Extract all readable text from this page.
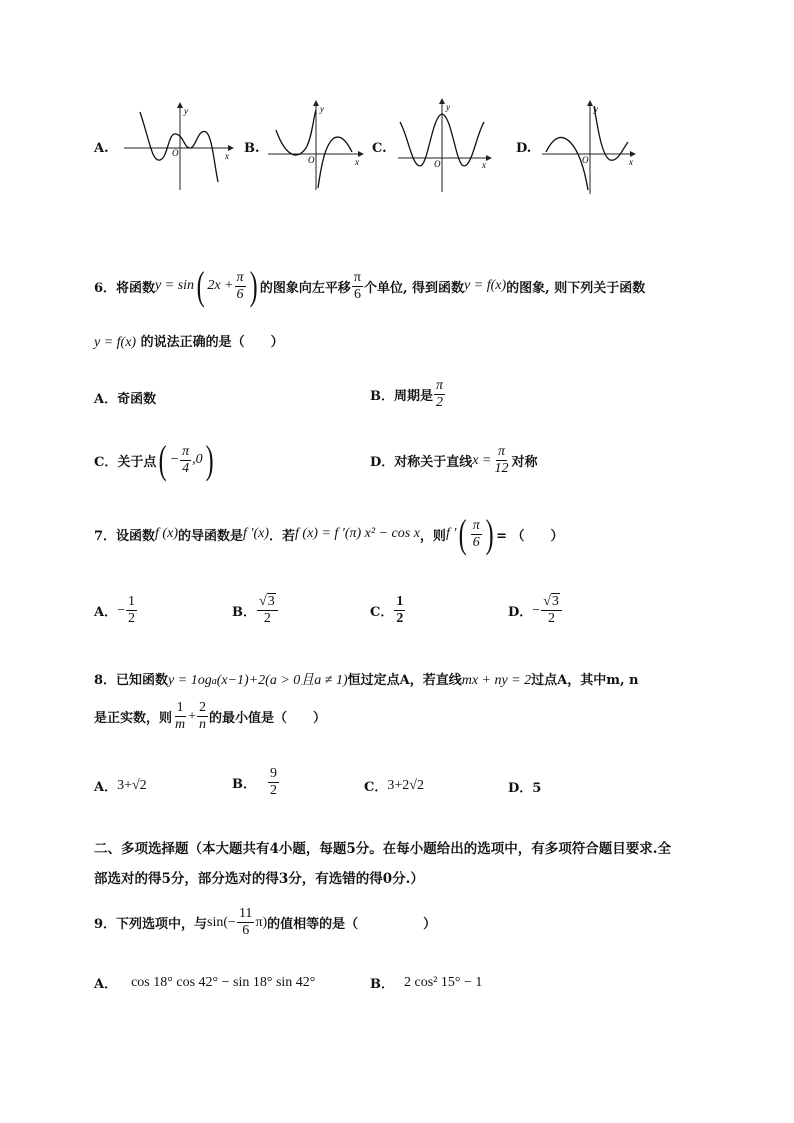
A.	x
y
O	B.
x
y
O
C.
x
y
O
D.
x
y
O
6．将函数 y = sin ( $2x + \frac{\pi}{6}$ ) 的图象向左平移 $\frac{\pi}{6}$ 个单位, 得到函数 y = f(x) 的图象, 则下列关于函数
y = f(x) 的说法正确的是（　　）
A．奇函数	B．周期是 $\frac{\pi}{2}$
C．关于点 ( − $\frac{\pi}{4} ,0$ )	D．对称关于直线 $x = \frac{\pi}{12}$ 对称
7．设函数 f (x) 的导函数是 f ′(x) ．若 f (x) = f ′(π) x² − cos x ，则 f ′ ( $\frac{\pi}{6}$ ) = （　　）
A． − $\frac{1}{2}$	B． $\frac{√3}{2}$	C． $\frac{1}{2}$	D． − $\frac{√3}{2}$
8．已知函数 y = 1og a (x−1)+2(a > 0且a ≠ 1) 恒过定点A，若直线 mx + ny = 2 过点A，其中m, n
是正实数，则 $\frac{1}{m} + \frac{2}{n}$ 的最小值是（　　）
A． 3+√2	B． $\frac{9}{2}$	C． 3+2√2	D．5
二、多项选择题（本大题共有4小题，每题5分。在每小题给出的选项中，有多项符合题目要求.全
部选对的得5分，部分选对的得3分，有选错的得0分.）
9．下列选项中，与 $\sin(- \frac{11}{6} \pi)$ 的值相等的是（　　　　　）
A． cos 18° cos 42° − sin 18° sin 42°	B． 2 cos² 15° − 1
